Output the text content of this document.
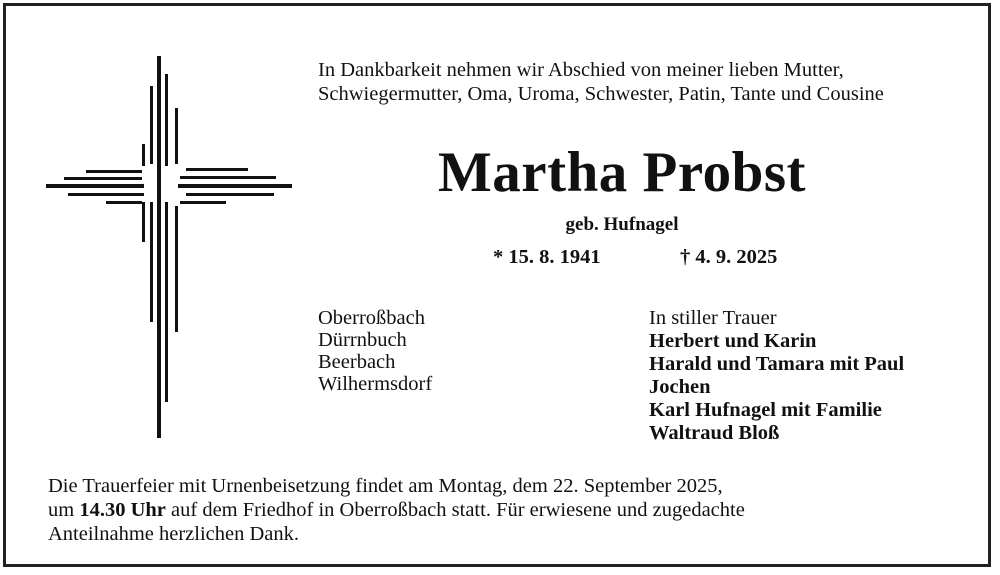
In Dankbarkeit nehmen wir Abschied von meiner lieben Mutter,
Schwiegermutter, Oma, Uroma, Schwester, Patin, Tante und Cousine
Martha Probst
geb. Hufnagel
* 15. 8. 1941	† 4. 9. 2025
Oberroßbach
Dürrnbuch
Beerbach
Wilhermsdorf
In stiller Trauer
Herbert und Karin
Harald und Tamara mit Paul
Jochen
Karl Hufnagel mit Familie
Waltraud Bloß
Die Trauerfeier mit Urnenbeisetzung findet am Montag, dem 22. September 2025,
um 14.30 Uhr auf dem Friedhof in Oberroßbach statt. Für erwiesene und zugedachte
Anteilnahme herzlichen Dank.
